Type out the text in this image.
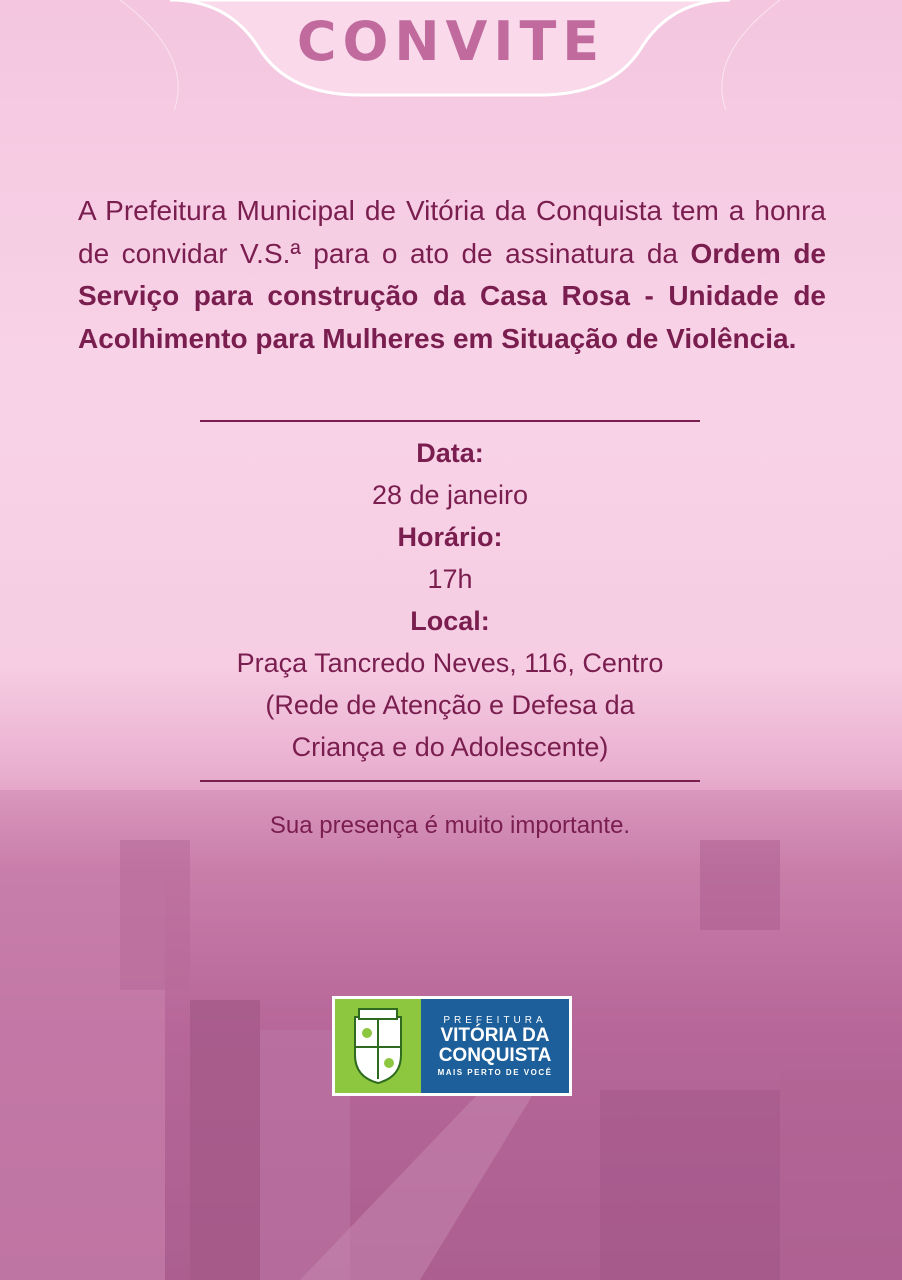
CONVITE

A Prefeitura Municipal de Vitória da Conquista tem a honra de convidar V.S.ª para o ato de assinatura da Ordem de Serviço para construção da Casa Rosa - Unidade de Acolhimento para Mulheres em Situação de Violência.

Data:
28 de janeiro
Horário:
17h
Local:
Praça Tancredo Neves, 116, Centro
(Rede de Atenção e Defesa da
Criança e do Adolescente)
Sua presença é muito importante.
PREFEITURA
VITÓRIA DA
CONQUISTA
MAIS PERTO DE VOCÊ
